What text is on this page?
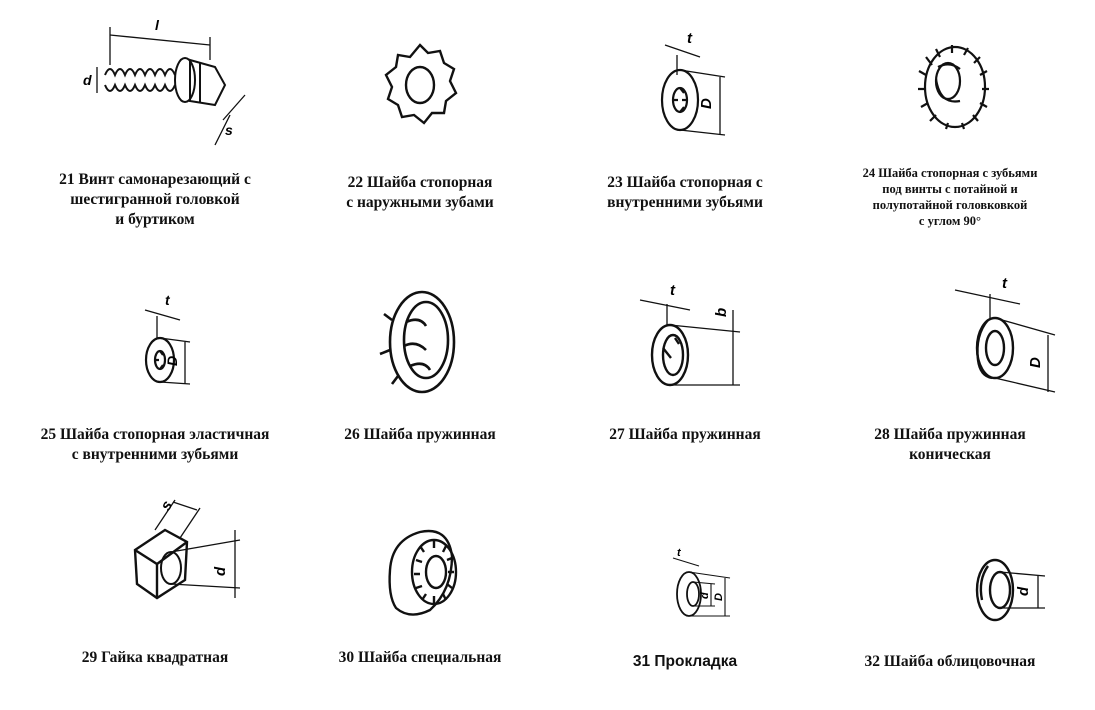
l
d
s
21 Винт самонарезающий с
шестигранной головкой
и буртиком
22 Шайба стопорная
с наружными зубами
t
D
23 Шайба стопорная с
внутренними зубьями
24 Шайба стопорная с зубьями
под винты с потайной и
полупотайной головковкой
с углом 90°
t
D
25 Шайба стопорная эластичная
с внутренними зубьями
26 Шайба пружинная
t
b
27 Шайба пружинная
t
D
28 Шайба пружинная
коническая
s
d
29 Гайка квадратная	30 Шайба специальная
t
d D
31 Прокладка
d
32 Шайба облицовочная
